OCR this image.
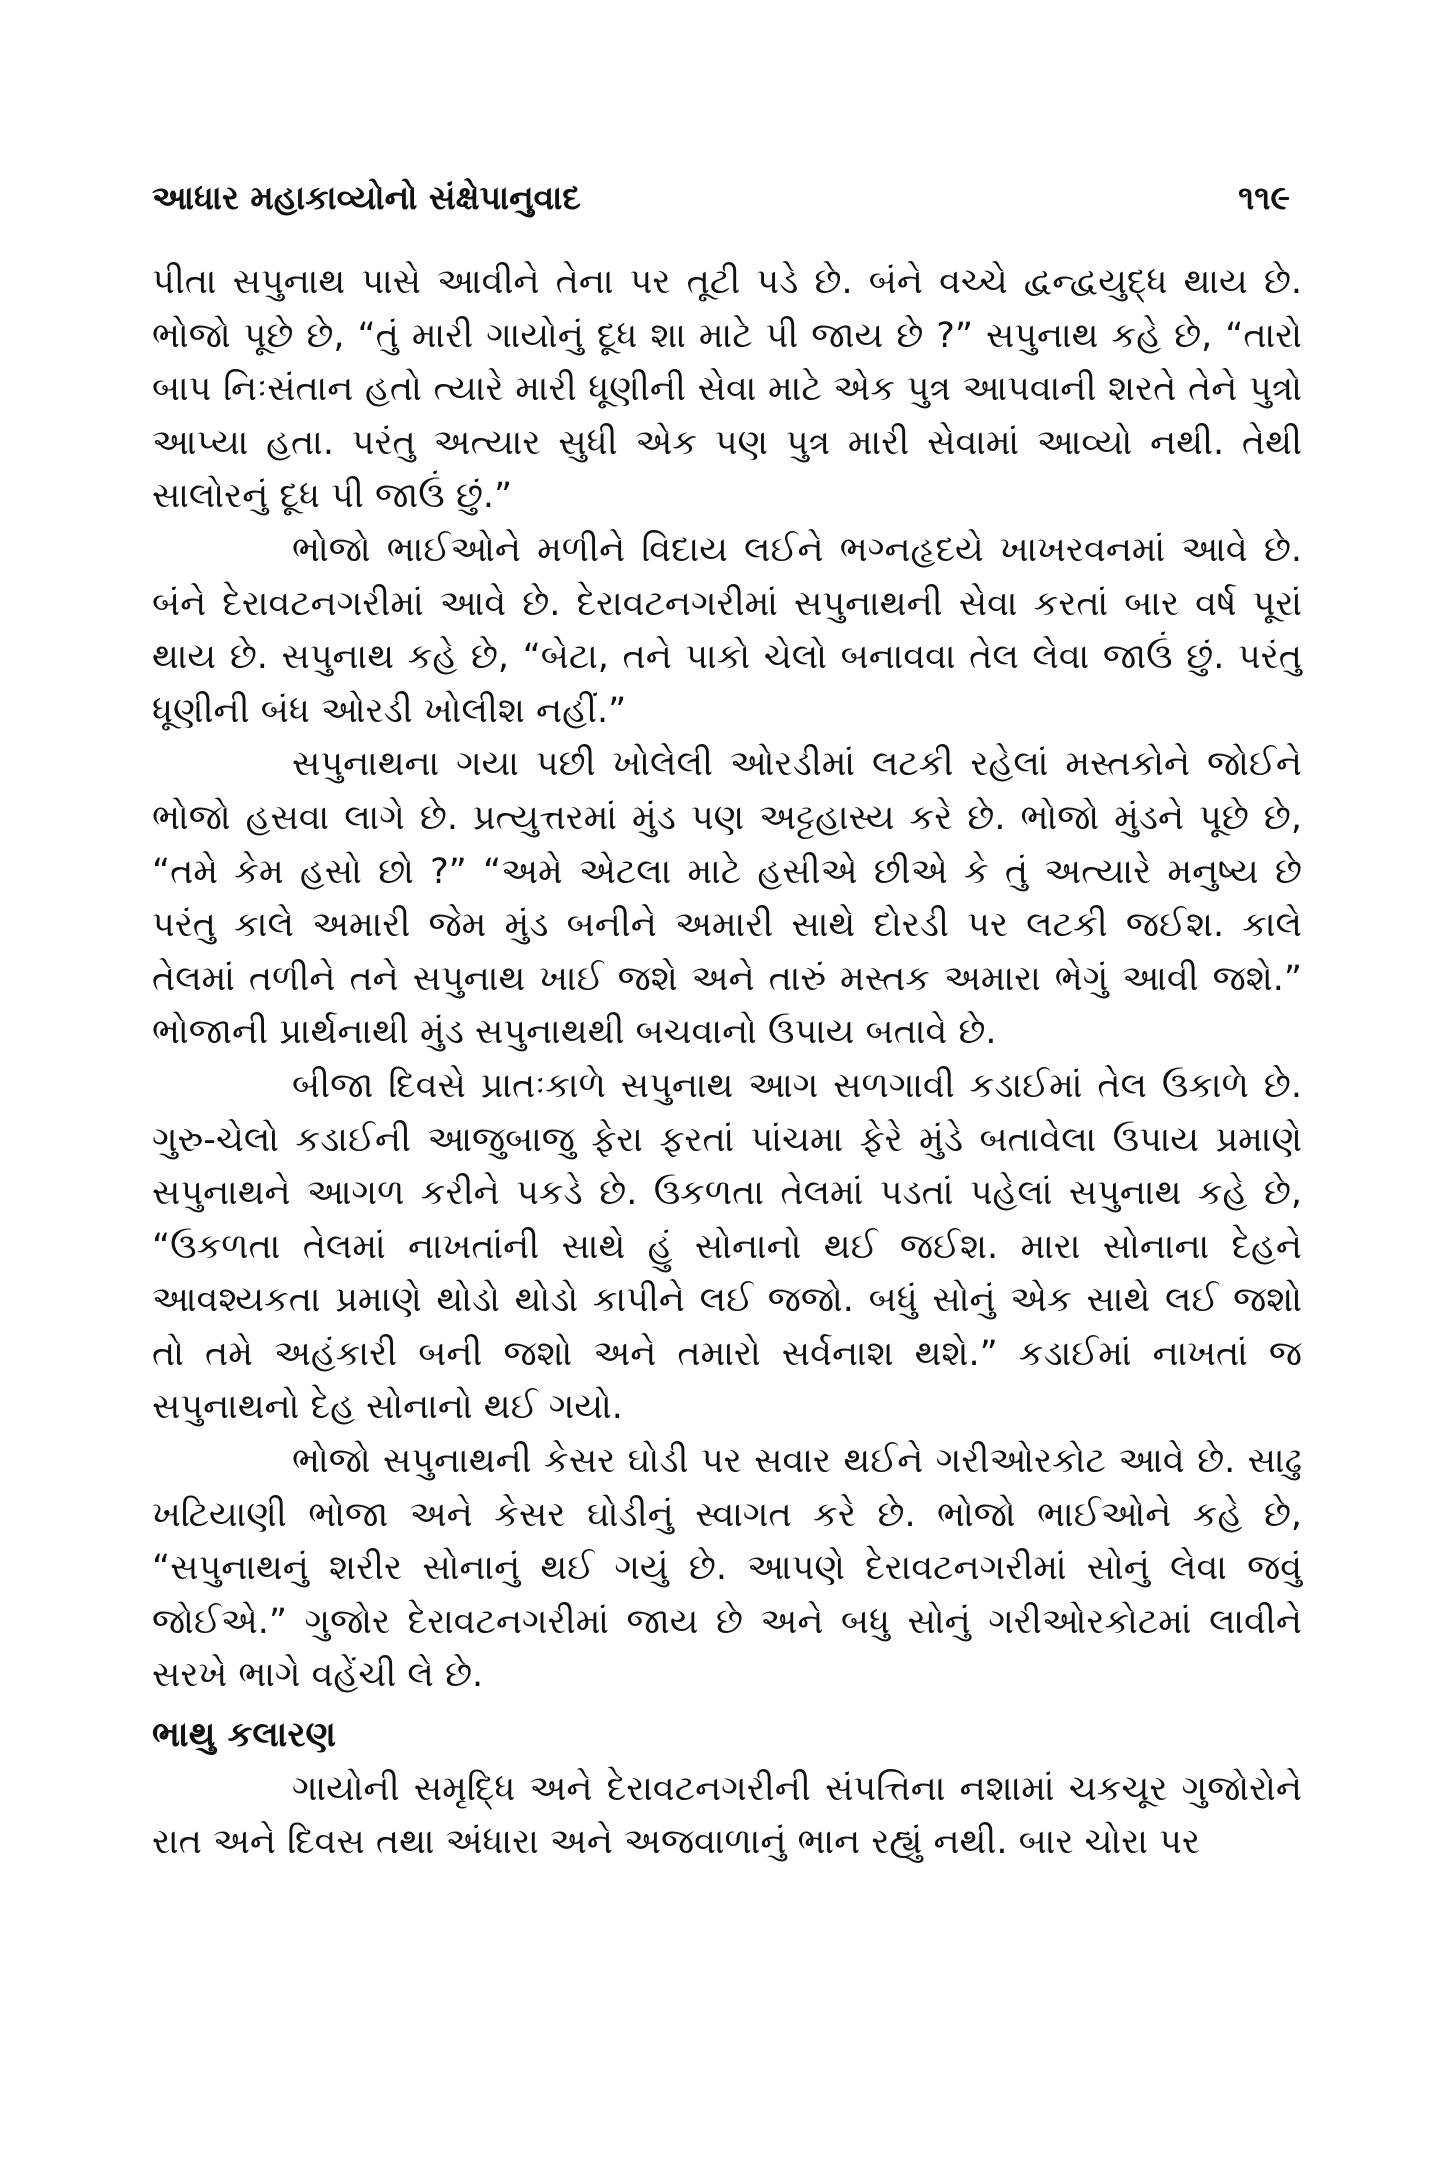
આધાર મહાકાવ્યોનો સંક્ષેપાનુવાદ	૧૧૯

પીતા સપુનાથ પાસે આવીને તેના પર તૂટી પડે છે. બંને વચ્ચે દ્વન્દ્વયુદ્ધ થાય છે. ભોજો પૂછે છે, “તું મારી ગાયોનું દૂધ શા માટે પી જાય છે ?” સપુનાથ કહે છે, “તારો બાપ નિઃસંતાન હતો ત્યારે મારી ધૂણીની સેવા માટે એક પુત્ર આપવાની શરતે તેને પુત્રો આપ્યા હતા. પરંતુ અત્યાર સુધી એક પણ પુત્ર મારી સેવામાં આવ્યો નથી. તેથી સાલોરનું દૂધ પી જાઉં છું.”

ભોજો ભાઈઓને મળીને વિદાય લઈને ભગ્નહૃદયે ખાખરવનમાં આવે છે. બંને દેરાવટનગરીમાં આવે છે. દેરાવટનગરીમાં સપુનાથની સેવા કરતાં બાર વર્ષ પૂરાં થાય છે. સપુનાથ કહે છે, “બેટા, તને પાકો ચેલો બનાવવા તેલ લેવા જાઉં છું. પરંતુ ધૂણીની બંધ ઓરડી ખોલીશ નહીં.”

સપુનાથના ગયા પછી ખોલેલી ઓરડીમાં લટકી રહેલાં મસ્તકોને જોઈને ભોજો હસવા લાગે છે. પ્રત્યુત્તરમાં મુંડ પણ અટ્ટહાસ્ય કરે છે. ભોજો મુંડને પૂછે છે, “તમે કેમ હસો છો ?” “અમે એટલા માટે હસીએ છીએ કે તું અત્યારે મનુષ્ય છે પરંતુ કાલે અમારી જેમ મુંડ બનીને અમારી સાથે દોરડી પર લટકી જઈશ. કાલે તેલમાં તળીને તને સપુનાથ ખાઈ જશે અને તારું મસ્તક અમારા ભેગું આવી જશે.” ભોજાની પ્રાર્થનાથી મુંડ સપુનાથથી બચવાનો ઉપાય બતાવે છે.

બીજા દિવસે પ્રાતઃકાળે સપુનાથ આગ સળગાવી કડાઈમાં તેલ ઉકાળે છે. ગુરુ-ચેલો કડાઈની આજુબાજુ ફેરા ફરતાં પાંચમા ફેરે મુંડે બતાવેલા ઉપાય પ્રમાણે સપુનાથને આગળ કરીને પકડે છે. ઉકળતા તેલમાં પડતાં પહેલાં સપુનાથ કહે છે, “ઉકળતા તેલમાં નાખતાંની સાથે હું સોનાનો થઈ જઈશ. મારા સોનાના દેહને આવશ્યકતા પ્રમાણે થોડો થોડો કાપીને લઈ જજો. બધું સોનું એક સાથે લઈ જશો તો તમે અહંકારી બની જશો અને તમારો સર્વનાશ થશે.” કડાઈમાં નાખતાં જ સપુનાથનો દેહ સોનાનો થઈ ગયો.

ભોજો સપુનાથની કેસર ઘોડી પર સવાર થઈને ગરીઓરકોટ આવે છે. સાઢુ ખટિયાણી ભોજા અને કેસર ઘોડીનું સ્વાગત કરે છે. ભોજો ભાઈઓને કહે છે, “સપુનાથનું શરીર સોનાનું થઈ ગયું છે. આપણે દેરાવટનગરીમાં સોનું લેવા જવું જોઈએ.” ગુજોર દેરાવટનગરીમાં જાય છે અને બધુ સોનું ગરીઓરકોટમાં લાવીને સરખે ભાગે વહેંચી લે છે.

ભાથુ કલારણ

ગાયોની સમૃદ્ધિ અને દેરાવટનગરીની સંપત્તિના નશામાં ચકચૂર ગુજોરોને રાત અને દિવસ તથા અંધારા અને અજવાળાનું ભાન રહ્યું નથી. બાર ચોરા પર
